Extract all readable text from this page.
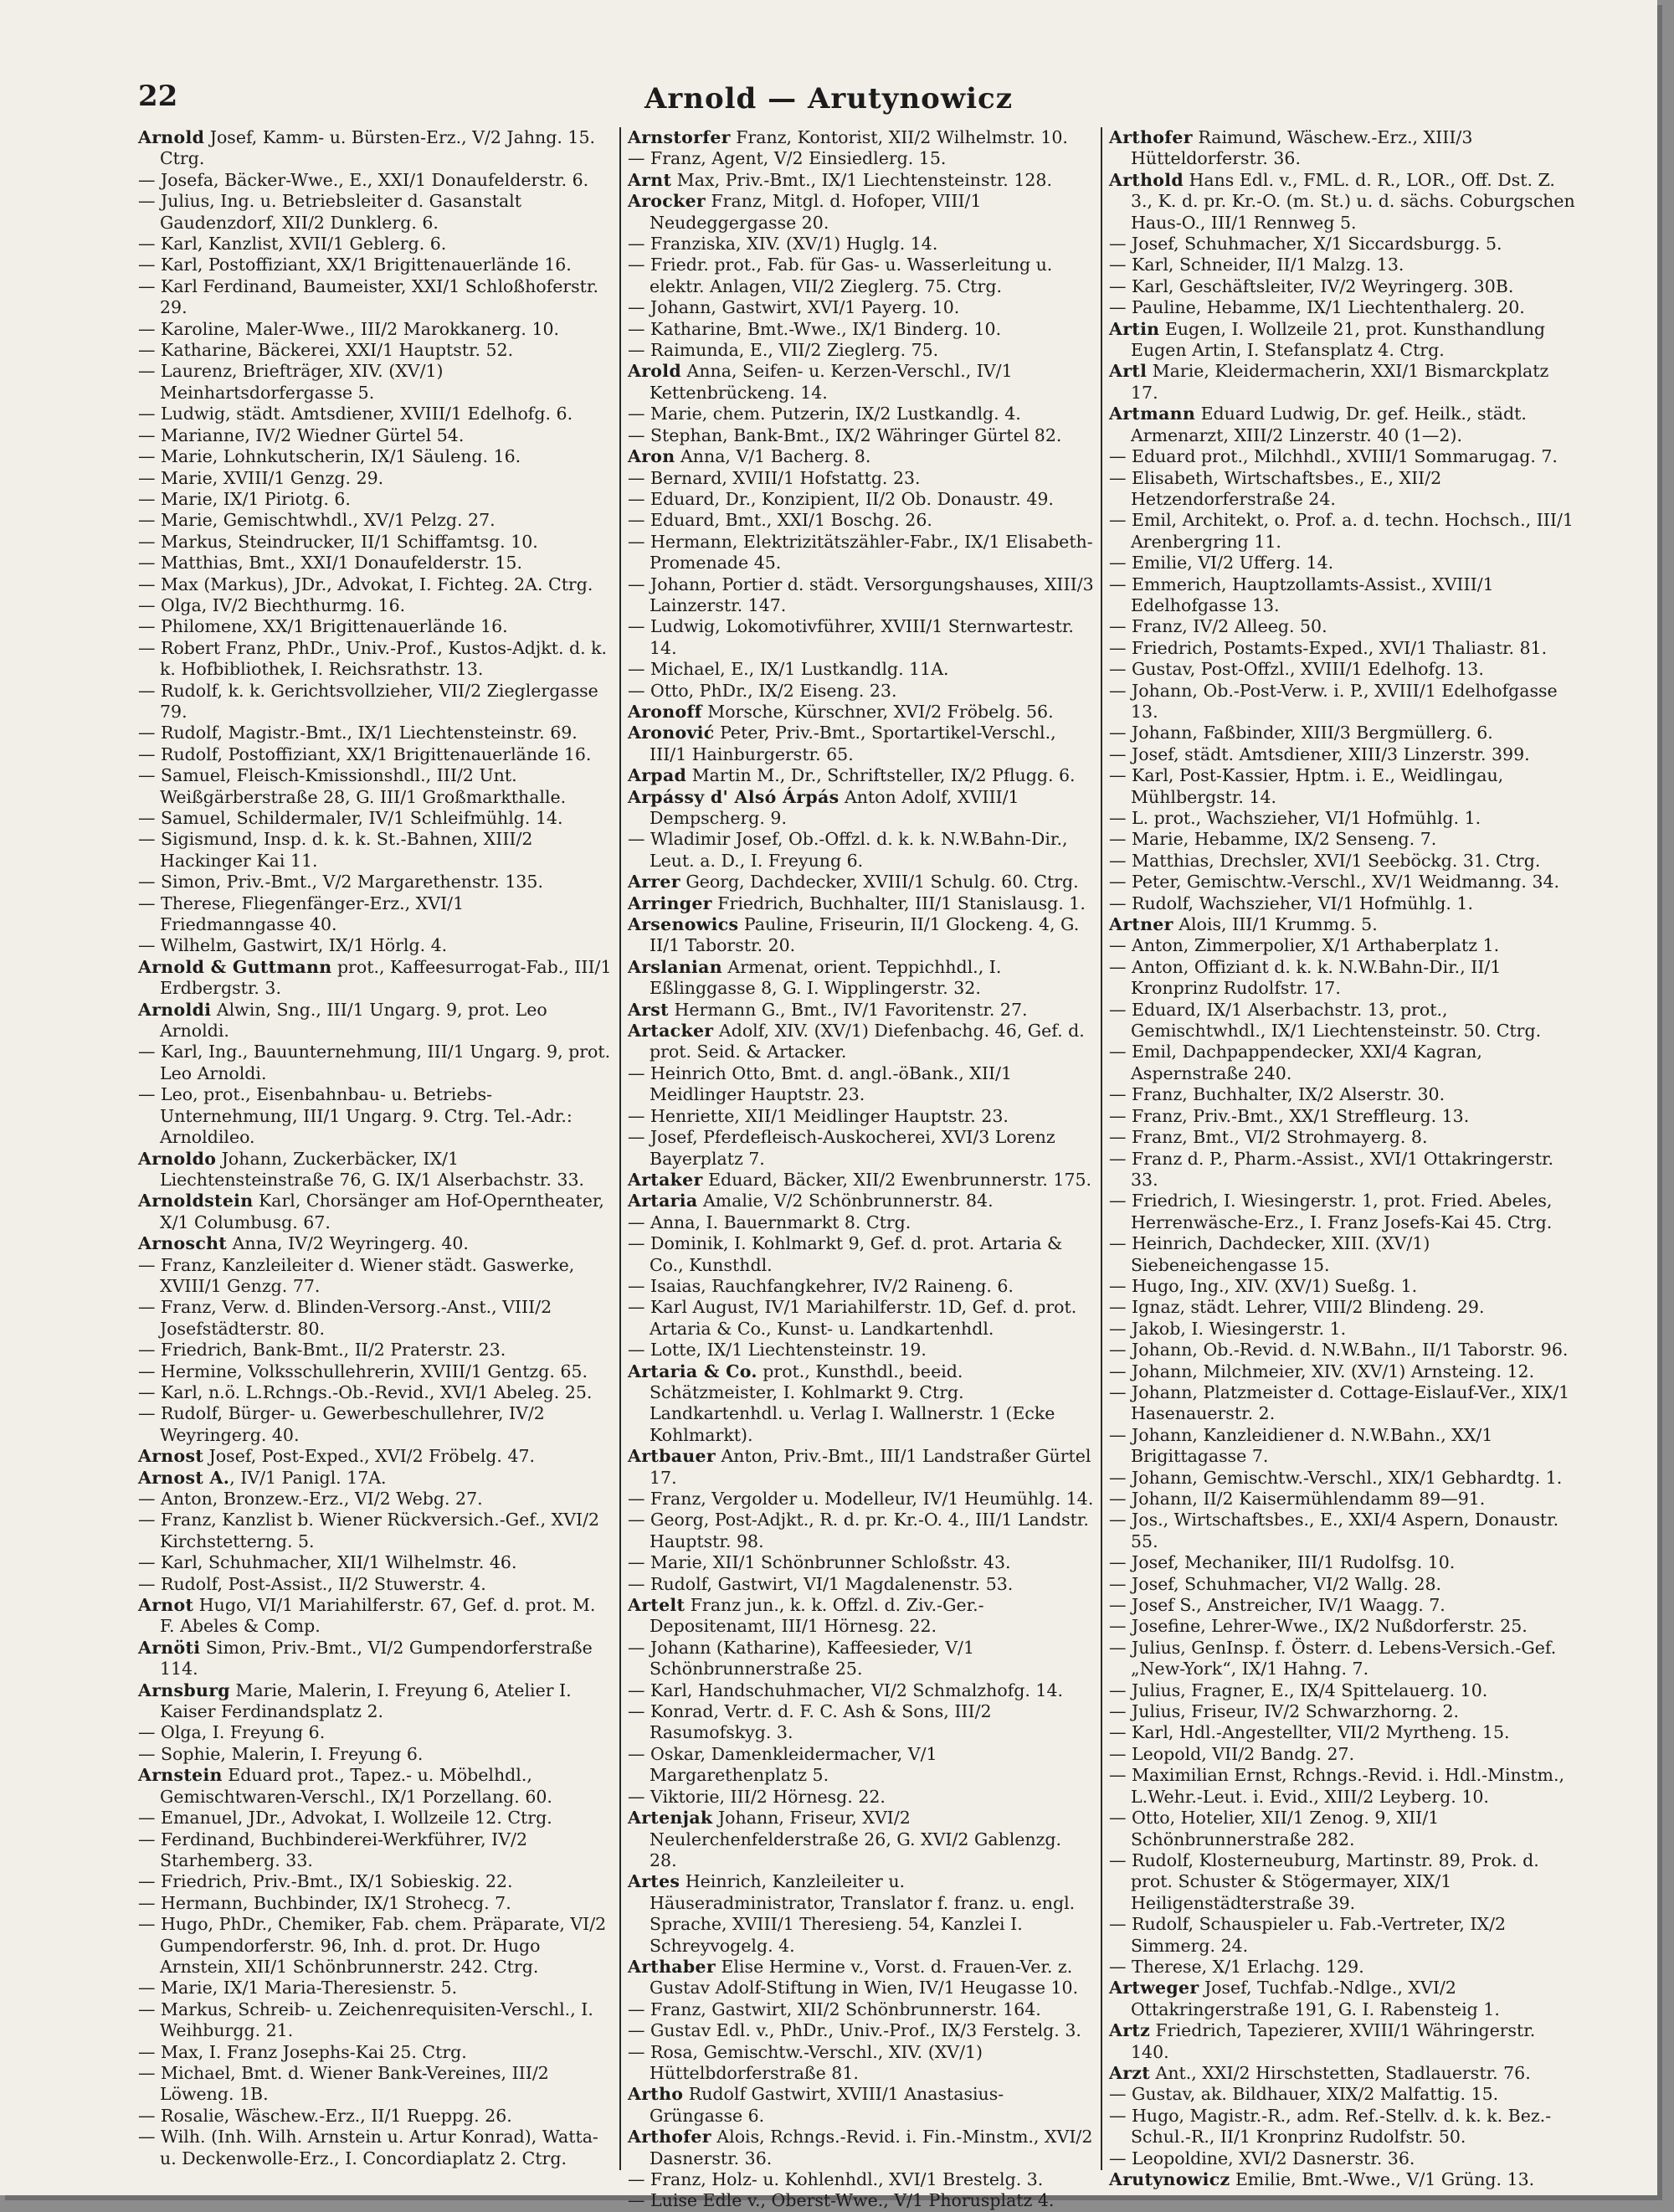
22	Arnold — Arutynowicz
Arnold Josef, Kamm- u. Bürsten-Erz., V/2 Jahng. 15. Ctrg.
— Josefa, Bäcker-Wwe., E., XXI/1 Donaufelderstr. 6.
— Julius, Ing. u. Betriebsleiter d. Gasanstalt Gaudenzdorf, XII/2 Dunklerg. 6.
— Karl, Kanzlist, XVII/1 Geblerg. 6.
— Karl, Postoffiziant, XX/1 Brigittenauerlände 16.
— Karl Ferdinand, Baumeister, XXI/1 Schloßhoferstr. 29.
— Karoline, Maler-Wwe., III/2 Marokkanerg. 10.
— Katharine, Bäckerei, XXI/1 Hauptstr. 52.
— Laurenz, Briefträger, XIV. (XV/1) Meinhartsdorfergasse 5.
— Ludwig, städt. Amtsdiener, XVIII/1 Edelhofg. 6.
— Marianne, IV/2 Wiedner Gürtel 54.
— Marie, Lohnkutscherin, IX/1 Säuleng. 16.
— Marie, XVIII/1 Genzg. 29.
— Marie, IX/1 Piriotg. 6.
— Marie, Gemischtwhdl., XV/1 Pelzg. 27.
— Markus, Steindrucker, II/1 Schiffamtsg. 10.
— Matthias, Bmt., XXI/1 Donaufelderstr. 15.
— Max (Markus), JDr., Advokat, I. Fichteg. 2A. Ctrg.
— Olga, IV/2 Biechthurmg. 16.
— Philomene, XX/1 Brigittenauerlände 16.
— Robert Franz, PhDr., Univ.-Prof., Kustos-Adjkt. d. k. k. Hofbibliothek, I. Reichsrathstr. 13.
— Rudolf, k. k. Gerichtsvollzieher, VII/2 Zieglergasse 79.
— Rudolf, Magistr.-Bmt., IX/1 Liechtensteinstr. 69.
— Rudolf, Postoffiziant, XX/1 Brigittenauerlände 16.
— Samuel, Fleisch-Kmissionshdl., III/2 Unt. Weißgärberstraße 28, G. III/1 Großmarkthalle.
— Samuel, Schildermaler, IV/1 Schleifmühlg. 14.
— Sigismund, Insp. d. k. k. St.-Bahnen, XIII/2 Hackinger Kai 11.
— Simon, Priv.-Bmt., V/2 Margarethenstr. 135.
— Therese, Fliegenfänger-Erz., XVI/1 Friedmanngasse 40.
— Wilhelm, Gastwirt, IX/1 Hörlg. 4.
Arnold & Guttmann prot., Kaffeesurrogat-Fab., III/1 Erdbergstr. 3.
Arnoldi Alwin, Sng., III/1 Ungarg. 9, prot. Leo Arnoldi.
— Karl, Ing., Bauunternehmung, III/1 Ungarg. 9, prot. Leo Arnoldi.
— Leo, prot., Eisenbahnbau- u. Betriebs-Unternehmung, III/1 Ungarg. 9. Ctrg. Tel.-Adr.: Arnoldileo.
Arnoldo Johann, Zuckerbäcker, IX/1 Liechtensteinstraße 76, G. IX/1 Alserbachstr. 33.
Arnoldstein Karl, Chorsänger am Hof-Operntheater, X/1 Columbusg. 67.
Arnoscht Anna, IV/2 Weyringerg. 40.
— Franz, Kanzleileiter d. Wiener städt. Gaswerke, XVIII/1 Genzg. 77.
— Franz, Verw. d. Blinden-Versorg.-Anst., VIII/2 Josefstädterstr. 80.
— Friedrich, Bank-Bmt., II/2 Praterstr. 23.
— Hermine, Volksschullehrerin, XVIII/1 Gentzg. 65.
— Karl, n.ö. L.Rchngs.-Ob.-Revid., XVI/1 Abeleg. 25.
— Rudolf, Bürger- u. Gewerbeschullehrer, IV/2 Weyringerg. 40.
Arnost Josef, Post-Exped., XVI/2 Fröbelg. 47.
Arnost A., IV/1 Panigl. 17A.
— Anton, Bronzew.-Erz., VI/2 Webg. 27.
— Franz, Kanzlist b. Wiener Rückversich.-Gef., XVI/2 Kirchstetterng. 5.
— Karl, Schuhmacher, XII/1 Wilhelmstr. 46.
— Rudolf, Post-Assist., II/2 Stuwerstr. 4.
Arnot Hugo, VI/1 Mariahilferstr. 67, Gef. d. prot. M. F. Abeles & Comp.
Arnöti Simon, Priv.-Bmt., VI/2 Gumpendorferstraße 114.
Arnsburg Marie, Malerin, I. Freyung 6, Atelier I. Kaiser Ferdinandsplatz 2.
— Olga, I. Freyung 6.
— Sophie, Malerin, I. Freyung 6.
Arnstein Eduard prot., Tapez.- u. Möbelhdl., Gemischtwaren-Verschl., IX/1 Porzellang. 60.
— Emanuel, JDr., Advokat, I. Wollzeile 12. Ctrg.
— Ferdinand, Buchbinderei-Werkführer, IV/2 Starhemberg. 33.
— Friedrich, Priv.-Bmt., IX/1 Sobieskig. 22.
— Hermann, Buchbinder, IX/1 Strohecg. 7.
— Hugo, PhDr., Chemiker, Fab. chem. Präparate, VI/2 Gumpendorferstr. 96, Inh. d. prot. Dr. Hugo Arnstein, XII/1 Schönbrunnerstr. 242. Ctrg.
— Marie, IX/1 Maria-Theresienstr. 5.
— Markus, Schreib- u. Zeichenrequisiten-Verschl., I. Weihburgg. 21.
— Max, I. Franz Josephs-Kai 25. Ctrg.
— Michael, Bmt. d. Wiener Bank-Vereines, III/2 Löweng. 1B.
— Rosalie, Wäschew.-Erz., II/1 Rueppg. 26.
— Wilh. (Inh. Wilh. Arnstein u. Artur Konrad), Watta- u. Deckenwolle-Erz., I. Concordiaplatz 2. Ctrg.
Arnstorfer Franz, Kontorist, XII/2 Wilhelmstr. 10.
— Franz, Agent, V/2 Einsiedlerg. 15.
Arnt Max, Priv.-Bmt., IX/1 Liechtensteinstr. 128.
Arocker Franz, Mitgl. d. Hofoper, VIII/1 Neudeggergasse 20.
— Franziska, XIV. (XV/1) Huglg. 14.
— Friedr. prot., Fab. für Gas- u. Wasserleitung u. elektr. Anlagen, VII/2 Zieglerg. 75. Ctrg.
— Johann, Gastwirt, XVI/1 Payerg. 10.
— Katharine, Bmt.-Wwe., IX/1 Binderg. 10.
— Raimunda, E., VII/2 Zieglerg. 75.
Arold Anna, Seifen- u. Kerzen-Verschl., IV/1 Kettenbrückeng. 14.
— Marie, chem. Putzerin, IX/2 Lustkandlg. 4.
— Stephan, Bank-Bmt., IX/2 Währinger Gürtel 82.
Aron Anna, V/1 Bacherg. 8.
— Bernard, XVIII/1 Hofstattg. 23.
— Eduard, Dr., Konzipient, II/2 Ob. Donaustr. 49.
— Eduard, Bmt., XXI/1 Boschg. 26.
— Hermann, Elektrizitätszähler-Fabr., IX/1 Elisabeth-Promenade 45.
— Johann, Portier d. städt. Versorgungshauses, XIII/3 Lainzerstr. 147.
— Ludwig, Lokomotivführer, XVIII/1 Sternwartestr. 14.
— Michael, E., IX/1 Lustkandlg. 11A.
— Otto, PhDr., IX/2 Eiseng. 23.
Aronoff Morsche, Kürschner, XVI/2 Fröbelg. 56.
Aronović Peter, Priv.-Bmt., Sportartikel-Verschl., III/1 Hainburgerstr. 65.
Arpad Martin M., Dr., Schriftsteller, IX/2 Pflugg. 6.
Arpássy d' Alsó Árpás Anton Adolf, XVIII/1 Dempscherg. 9.
— Wladimir Josef, Ob.-Offzl. d. k. k. N.W.Bahn-Dir., Leut. a. D., I. Freyung 6.
Arrer Georg, Dachdecker, XVIII/1 Schulg. 60. Ctrg.
Arringer Friedrich, Buchhalter, III/1 Stanislausg. 1.
Arsenowics Pauline, Friseurin, II/1 Glockeng. 4, G. II/1 Taborstr. 20.
Arslanian Armenat, orient. Teppichhdl., I. Eßlinggasse 8, G. I. Wipplingerstr. 32.
Arst Hermann G., Bmt., IV/1 Favoritenstr. 27.
Artacker Adolf, XIV. (XV/1) Diefenbachg. 46, Gef. d. prot. Seid. & Artacker.
— Heinrich Otto, Bmt. d. angl.-öBank., XII/1 Meidlinger Hauptstr. 23.
— Henriette, XII/1 Meidlinger Hauptstr. 23.
— Josef, Pferdefleisch-Auskocherei, XVI/3 Lorenz Bayerplatz 7.
Artaker Eduard, Bäcker, XII/2 Ewenbrunnerstr. 175.
Artaria Amalie, V/2 Schönbrunnerstr. 84.
— Anna, I. Bauernmarkt 8. Ctrg.
— Dominik, I. Kohlmarkt 9, Gef. d. prot. Artaria & Co., Kunsthdl.
— Isaias, Rauchfangkehrer, IV/2 Raineng. 6.
— Karl August, IV/1 Mariahilferstr. 1D, Gef. d. prot. Artaria & Co., Kunst- u. Landkartenhdl.
— Lotte, IX/1 Liechtensteinstr. 19.
Artaria & Co. prot., Kunsthdl., beeid. Schätzmeister, I. Kohlmarkt 9. Ctrg. Landkartenhdl. u. Verlag I. Wallnerstr. 1 (Ecke Kohlmarkt).
Artbauer Anton, Priv.-Bmt., III/1 Landstraßer Gürtel 17.
— Franz, Vergolder u. Modelleur, IV/1 Heumühlg. 14.
— Georg, Post-Adjkt., R. d. pr. Kr.-O. 4., III/1 Landstr. Hauptstr. 98.
— Marie, XII/1 Schönbrunner Schloßstr. 43.
— Rudolf, Gastwirt, VI/1 Magdalenenstr. 53.
Artelt Franz jun., k. k. Offzl. d. Ziv.-Ger.-Depositenamt, III/1 Hörnesg. 22.
— Johann (Katharine), Kaffeesieder, V/1 Schönbrunnerstraße 25.
— Karl, Handschuhmacher, VI/2 Schmalzhofg. 14.
— Konrad, Vertr. d. F. C. Ash & Sons, III/2 Rasumofskyg. 3.
— Oskar, Damenkleidermacher, V/1 Margarethenplatz 5.
— Viktorie, III/2 Hörnesg. 22.
Artenjak Johann, Friseur, XVI/2 Neulerchenfelderstraße 26, G. XVI/2 Gablenzg. 28.
Artes Heinrich, Kanzleileiter u. Häuseradministrator, Translator f. franz. u. engl. Sprache, XVIII/1 Theresieng. 54, Kanzlei I. Schreyvogelg. 4.
Arthaber Elise Hermine v., Vorst. d. Frauen-Ver. z. Gustav Adolf-Stiftung in Wien, IV/1 Heugasse 10.
— Franz, Gastwirt, XII/2 Schönbrunnerstr. 164.
— Gustav Edl. v., PhDr., Univ.-Prof., IX/3 Ferstelg. 3.
— Rosa, Gemischtw.-Verschl., XIV. (XV/1) Hüttelbdorferstraße 81.
Artho Rudolf Gastwirt, XVIII/1 Anastasius-Grüngasse 6.
Arthofer Alois, Rchngs.-Revid. i. Fin.-Minstm., XVI/2 Dasnerstr. 36.
— Franz, Holz- u. Kohlenhdl., XVI/1 Brestelg. 3.
— Luise Edle v., Oberst-Wwe., V/1 Phorusplatz 4.
Arthofer Raimund, Wäschew.-Erz., XIII/3 Hütteldorferstr. 36.
Arthold Hans Edl. v., FML. d. R., LOR., Off. Dst. Z. 3., K. d. pr. Kr.-O. (m. St.) u. d. sächs. Coburgschen Haus-O., III/1 Rennweg 5.
— Josef, Schuhmacher, X/1 Siccardsburgg. 5.
— Karl, Schneider, II/1 Malzg. 13.
— Karl, Geschäftsleiter, IV/2 Weyringerg. 30B.
— Pauline, Hebamme, IX/1 Liechtenthalerg. 20.
Artin Eugen, I. Wollzeile 21, prot. Kunsthandlung Eugen Artin, I. Stefansplatz 4. Ctrg.
Artl Marie, Kleidermacherin, XXI/1 Bismarckplatz 17.
Artmann Eduard Ludwig, Dr. gef. Heilk., städt. Armenarzt, XIII/2 Linzerstr. 40 (1—2).
— Eduard prot., Milchhdl., XVIII/1 Sommarugag. 7.
— Elisabeth, Wirtschaftsbes., E., XII/2 Hetzendorferstraße 24.
— Emil, Architekt, o. Prof. a. d. techn. Hochsch., III/1 Arenbergring 11.
— Emilie, VI/2 Ufferg. 14.
— Emmerich, Hauptzollamts-Assist., XVIII/1 Edelhofgasse 13.
— Franz, IV/2 Alleeg. 50.
— Friedrich, Postamts-Exped., XVI/1 Thaliastr. 81.
— Gustav, Post-Offzl., XVIII/1 Edelhofg. 13.
— Johann, Ob.-Post-Verw. i. P., XVIII/1 Edelhofgasse 13.
— Johann, Faßbinder, XIII/3 Bergmüllerg. 6.
— Josef, städt. Amtsdiener, XIII/3 Linzerstr. 399.
— Karl, Post-Kassier, Hptm. i. E., Weidlingau, Mühlbergstr. 14.
— L. prot., Wachszieher, VI/1 Hofmühlg. 1.
— Marie, Hebamme, IX/2 Senseng. 7.
— Matthias, Drechsler, XVI/1 Seeböckg. 31. Ctrg.
— Peter, Gemischtw.-Verschl., XV/1 Weidmanng. 34.
— Rudolf, Wachszieher, VI/1 Hofmühlg. 1.
Artner Alois, III/1 Krummg. 5.
— Anton, Zimmerpolier, X/1 Arthaberplatz 1.
— Anton, Offiziant d. k. k. N.W.Bahn-Dir., II/1 Kronprinz Rudolfstr. 17.
— Eduard, IX/1 Alserbachstr. 13, prot., Gemischtwhdl., IX/1 Liechtensteinstr. 50. Ctrg.
— Emil, Dachpappendecker, XXI/4 Kagran, Aspernstraße 240.
— Franz, Buchhalter, IX/2 Alserstr. 30.
— Franz, Priv.-Bmt., XX/1 Streffleurg. 13.
— Franz, Bmt., VI/2 Strohmayerg. 8.
— Franz d. P., Pharm.-Assist., XVI/1 Ottakringerstr. 33.
— Friedrich, I. Wiesingerstr. 1, prot. Fried. Abeles, Herrenwäsche-Erz., I. Franz Josefs-Kai 45. Ctrg.
— Heinrich, Dachdecker, XIII. (XV/1) Siebeneichengasse 15.
— Hugo, Ing., XIV. (XV/1) Sueßg. 1.
— Ignaz, städt. Lehrer, VIII/2 Blindeng. 29.
— Jakob, I. Wiesingerstr. 1.
— Johann, Ob.-Revid. d. N.W.Bahn., II/1 Taborstr. 96.
— Johann, Milchmeier, XIV. (XV/1) Arnsteing. 12.
— Johann, Platzmeister d. Cottage-Eislauf-Ver., XIX/1 Hasenauerstr. 2.
— Johann, Kanzleidiener d. N.W.Bahn., XX/1 Brigittagasse 7.
— Johann, Gemischtw.-Verschl., XIX/1 Gebhardtg. 1.
— Johann, II/2 Kaisermühlendamm 89—91.
— Jos., Wirtschaftsbes., E., XXI/4 Aspern, Donaustr. 55.
— Josef, Mechaniker, III/1 Rudolfsg. 10.
— Josef, Schuhmacher, VI/2 Wallg. 28.
— Josef S., Anstreicher, IV/1 Waagg. 7.
— Josefine, Lehrer-Wwe., IX/2 Nußdorferstr. 25.
— Julius, GenInsp. f. Österr. d. Lebens-Versich.-Gef. „New-York“, IX/1 Hahng. 7.
— Julius, Fragner, E., IX/4 Spittelauerg. 10.
— Julius, Friseur, IV/2 Schwarzhorng. 2.
— Karl, Hdl.-Angestellter, VII/2 Myrtheng. 15.
— Leopold, VII/2 Bandg. 27.
— Maximilian Ernst, Rchngs.-Revid. i. Hdl.-Minstm., L.Wehr.-Leut. i. Evid., XIII/2 Leyberg. 10.
— Otto, Hotelier, XII/1 Zenog. 9, XII/1 Schönbrunnerstraße 282.
— Rudolf, Klosterneuburg, Martinstr. 89, Prok. d. prot. Schuster & Stögermayer, XIX/1 Heiligenstädterstraße 39.
— Rudolf, Schauspieler u. Fab.-Vertreter, IX/2 Simmerg. 24.
— Therese, X/1 Erlachg. 129.
Artweger Josef, Tuchfab.-Ndlge., XVI/2 Ottakringerstraße 191, G. I. Rabensteig 1.
Artz Friedrich, Tapezierer, XVIII/1 Währingerstr. 140.
Arzt Ant., XXI/2 Hirschstetten, Stadlauerstr. 76.
— Gustav, ak. Bildhauer, XIX/2 Malfattig. 15.
— Hugo, Magistr.-R., adm. Ref.-Stellv. d. k. k. Bez.-Schul.-R., II/1 Kronprinz Rudolfstr. 50.
— Leopoldine, XVI/2 Dasnerstr. 36.
Arutynowicz Emilie, Bmt.-Wwe., V/1 Grüng. 13.
